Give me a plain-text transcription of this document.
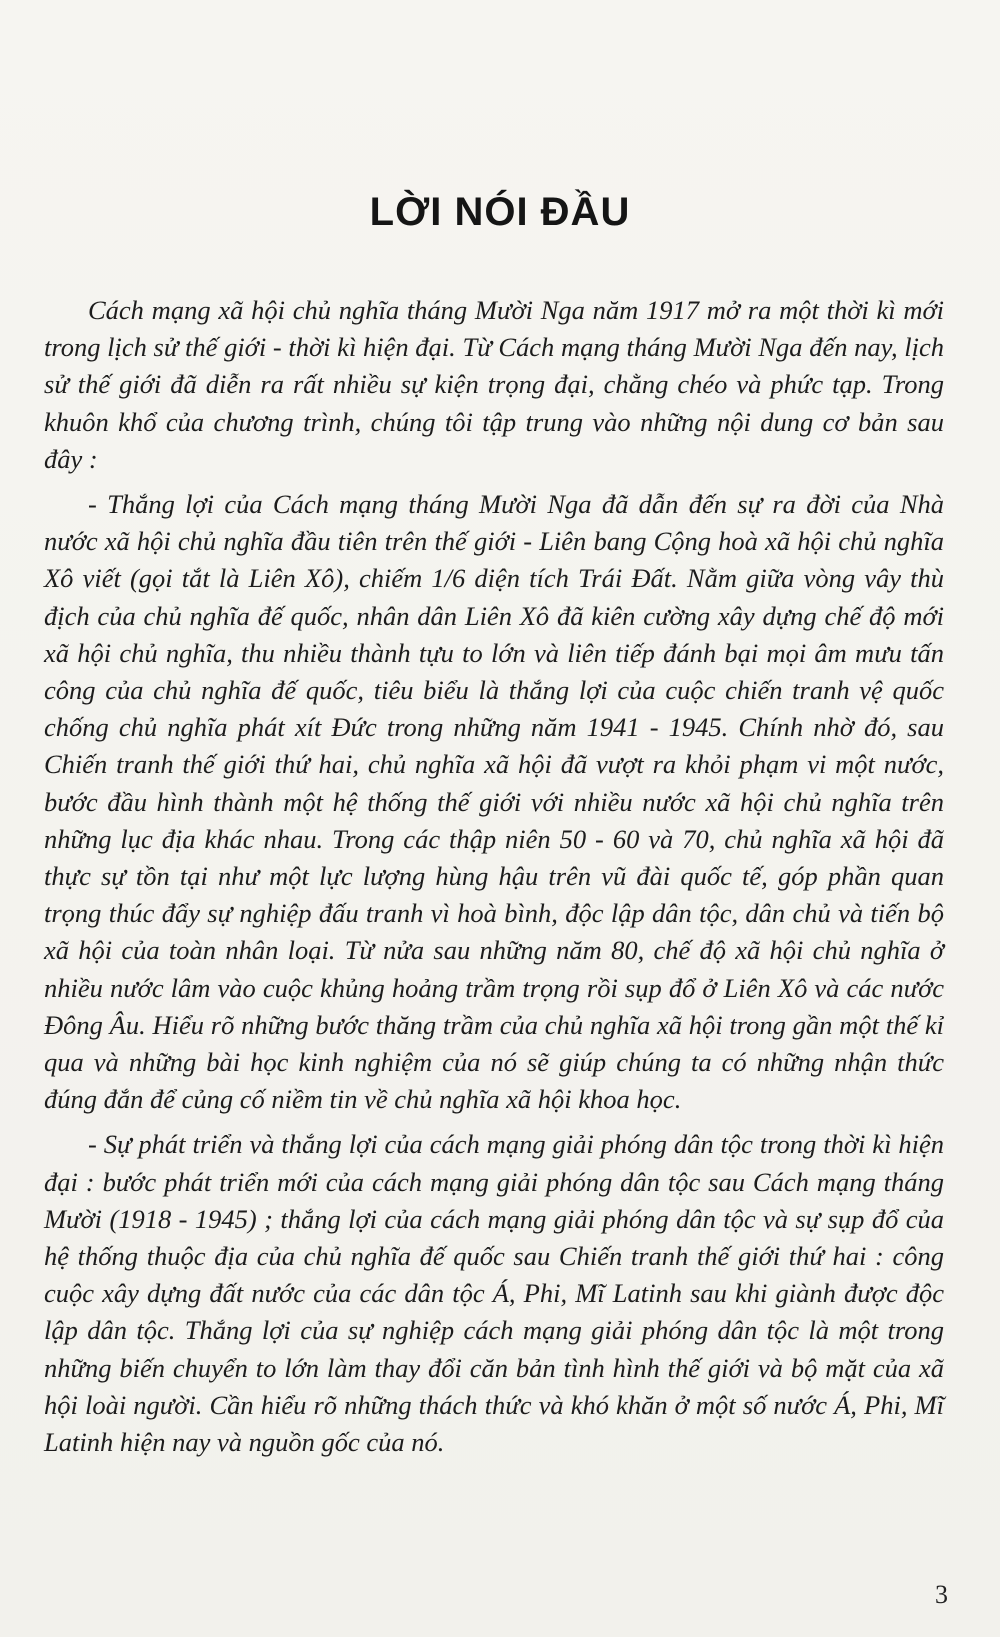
LỜI NÓI ĐẦU

Cách mạng xã hội chủ nghĩa tháng Mười Nga năm 1917 mở ra một thời kì mới trong lịch sử thế giới - thời kì hiện đại. Từ Cách mạng tháng Mười Nga đến nay, lịch sử thế giới đã diễn ra rất nhiều sự kiện trọng đại, chằng chéo và phức tạp. Trong khuôn khổ của chương trình, chúng tôi tập trung vào những nội dung cơ bản sau đây :

- Thắng lợi của Cách mạng tháng Mười Nga đã dẫn đến sự ra đời của Nhà nước xã hội chủ nghĩa đầu tiên trên thế giới - Liên bang Cộng hoà xã hội chủ nghĩa Xô viết (gọi tắt là Liên Xô), chiếm 1/6 diện tích Trái Đất. Nằm giữa vòng vây thù địch của chủ nghĩa đế quốc, nhân dân Liên Xô đã kiên cường xây dựng chế độ mới xã hội chủ nghĩa, thu nhiều thành tựu to lớn và liên tiếp đánh bại mọi âm mưu tấn công của chủ nghĩa đế quốc, tiêu biểu là thắng lợi của cuộc chiến tranh vệ quốc chống chủ nghĩa phát xít Đức trong những năm 1941 - 1945. Chính nhờ đó, sau Chiến tranh thế giới thứ hai, chủ nghĩa xã hội đã vượt ra khỏi phạm vi một nước, bước đầu hình thành một hệ thống thế giới với nhiều nước xã hội chủ nghĩa trên những lục địa khác nhau. Trong các thập niên 50 - 60 và 70, chủ nghĩa xã hội đã thực sự tồn tại như một lực lượng hùng hậu trên vũ đài quốc tế, góp phần quan trọng thúc đẩy sự nghiệp đấu tranh vì hoà bình, độc lập dân tộc, dân chủ và tiến bộ xã hội của toàn nhân loại. Từ nửa sau những năm 80, chế độ xã hội chủ nghĩa ở nhiều nước lâm vào cuộc khủng hoảng trầm trọng rồi sụp đổ ở Liên Xô và các nước Đông Âu. Hiểu rõ những bước thăng trầm của chủ nghĩa xã hội trong gần một thế kỉ qua và những bài học kinh nghiệm của nó sẽ giúp chúng ta có những nhận thức đúng đắn để củng cố niềm tin về chủ nghĩa xã hội khoa học.

- Sự phát triển và thắng lợi của cách mạng giải phóng dân tộc trong thời kì hiện đại : bước phát triển mới của cách mạng giải phóng dân tộc sau Cách mạng tháng Mười (1918 - 1945) ; thắng lợi của cách mạng giải phóng dân tộc và sự sụp đổ của hệ thống thuộc địa của chủ nghĩa đế quốc sau Chiến tranh thế giới thứ hai : công cuộc xây dựng đất nước của các dân tộc Á, Phi, Mĩ Latinh sau khi giành được độc lập dân tộc. Thắng lợi của sự nghiệp cách mạng giải phóng dân tộc là một trong những biến chuyển to lớn làm thay đổi căn bản tình hình thế giới và bộ mặt của xã hội loài người. Cần hiểu rõ những thách thức và khó khăn ở một số nước Á, Phi, Mĩ Latinh hiện nay và nguồn gốc của nó.

3
